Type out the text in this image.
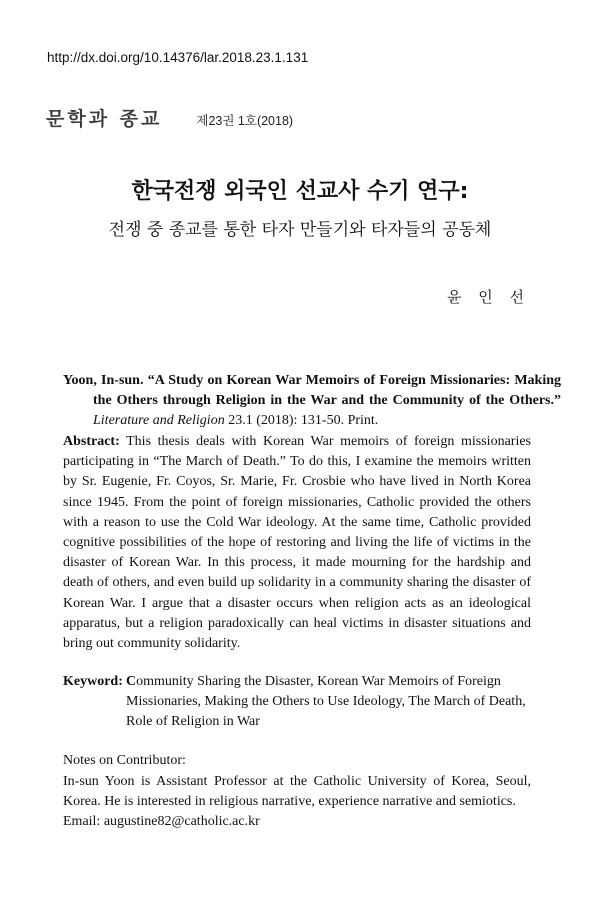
http://dx.doi.org/10.14376/lar.2018.23.1.131
문학과 종교	제23권 1호(2018)
한국전쟁 외국인 선교사 수기 연구:
전쟁 중 종교를 통한 타자 만들기와 타자들의 공동체
윤 인 선
Yoon, In-sun. “A Study on Korean War Memoirs of Foreign Missionaries: Making the Others through Religion in the War and the Community of the Others.” Literature and Religion 23.1 (2018): 131-50. Print.
Abstract: This thesis deals with Korean War memoirs of foreign missionaries participating in “The March of Death.” To do this, I examine the memoirs written by Sr. Eugenie, Fr. Coyos, Sr. Marie, Fr. Crosbie who have lived in North Korea since 1945. From the point of foreign missionaries, Catholic provided the others with a reason to use the Cold War ideology. At the same time, Catholic provided cognitive possibilities of the hope of restoring and living the life of victims in the disaster of Korean War. In this process, it made mourning for the hardship and death of others, and even build up solidarity in a community sharing the disaster of Korean War. I argue that a disaster occurs when religion acts as an ideological apparatus, but a religion paradoxically can heal victims in disaster situations and bring out community solidarity.
Keyword: Community Sharing the Disaster, Korean War Memoirs of Foreign Missionaries, Making the Others to Use Ideology, The March of Death, Role of Religion in War
Notes on Contributor:
In-sun Yoon is Assistant Professor at the Catholic University of Korea, Seoul, Korea. He is interested in religious narrative, experience narrative and semiotics.
Email: augustine82@catholic.ac.kr
